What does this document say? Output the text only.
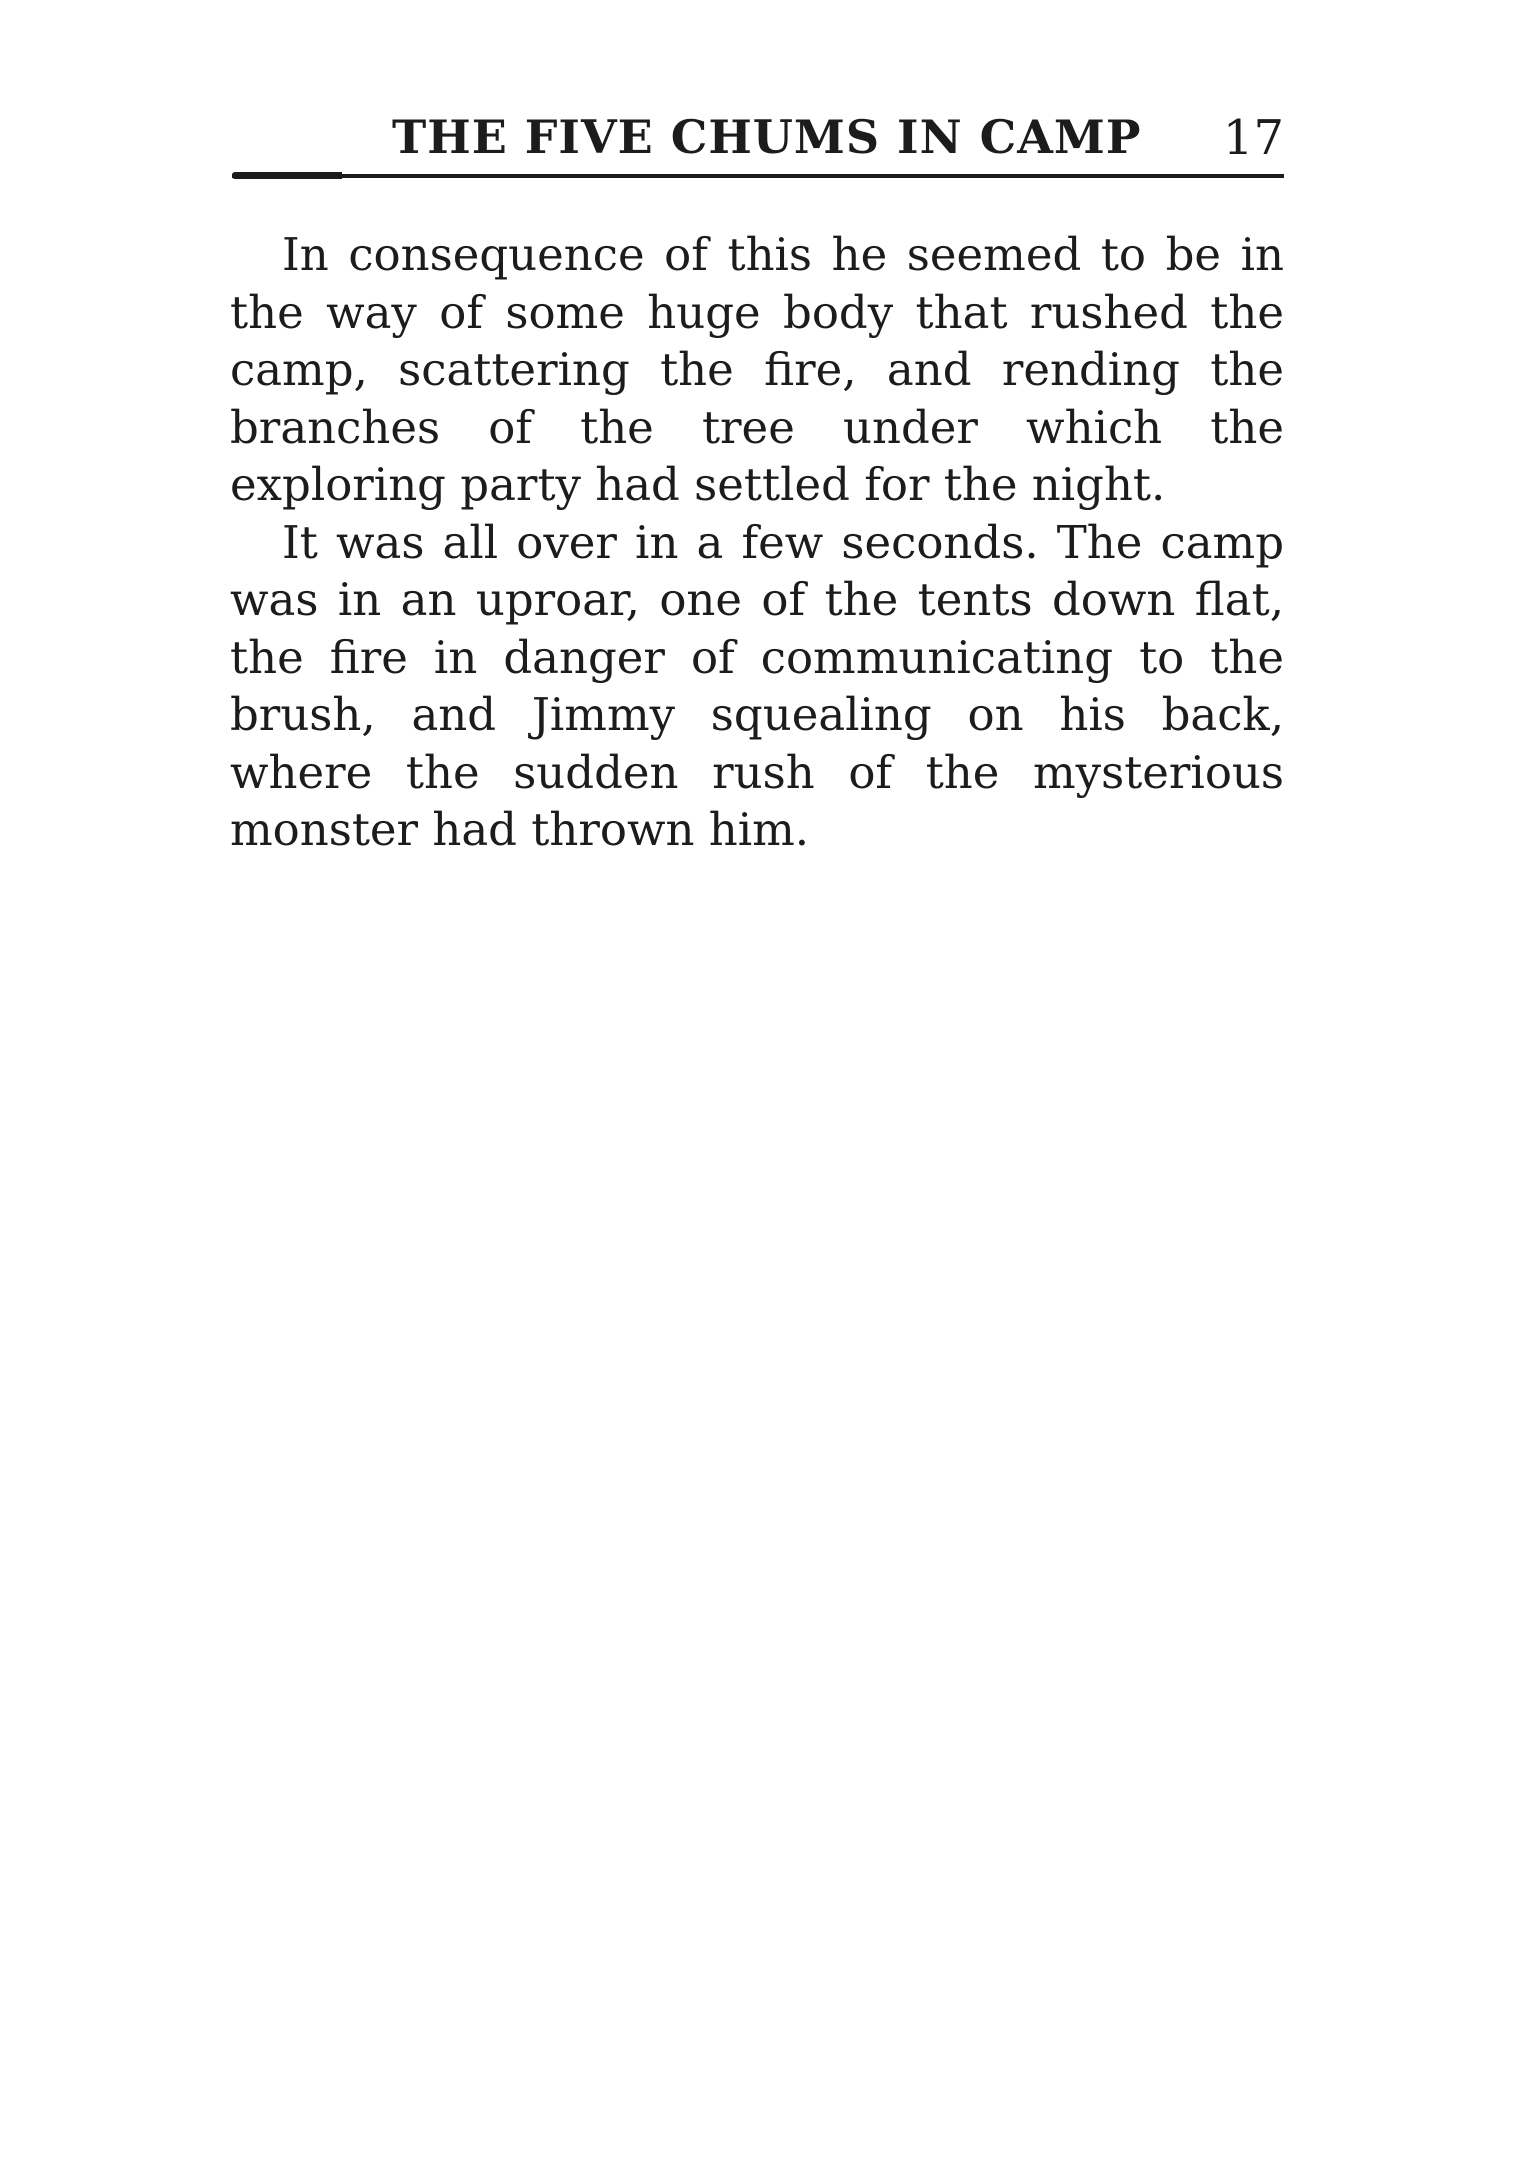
THE FIVE CHUMS IN CAMP 17

In consequence of this he seemed to be in the way of some huge body that rushed the camp, scattering the fire, and rending the branches of the tree under which the exploring party had settled for the night.

It was all over in a few seconds. The camp was in an uproar, one of the tents down flat, the fire in danger of communicating to the brush, and Jimmy squealing on his back, where the sudden rush of the mysterious monster had thrown him.
